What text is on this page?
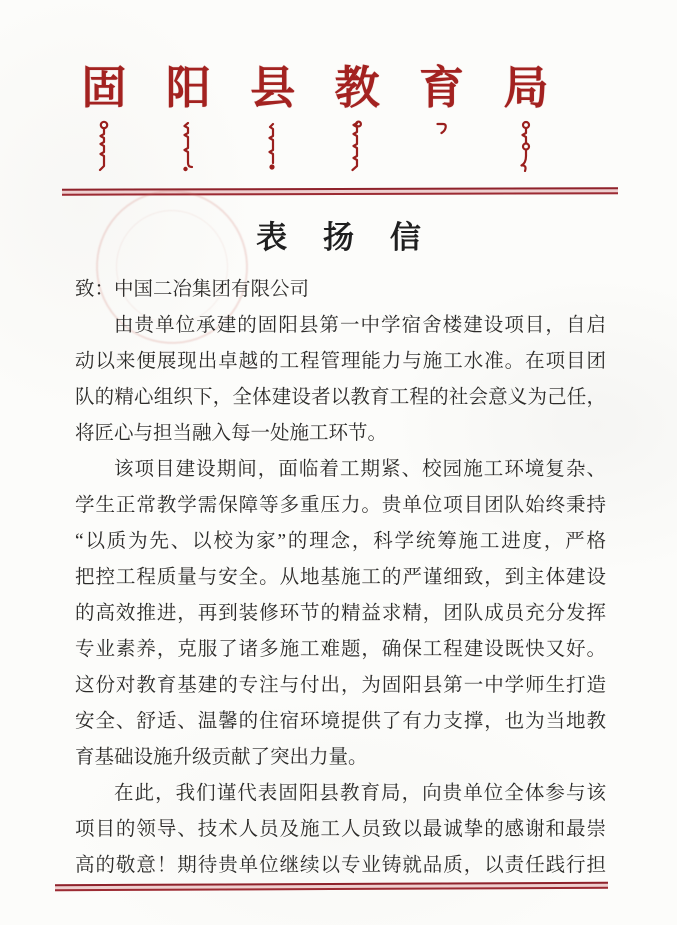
固 阳 县 教 育 局
表 扬 信
致：中国二冶集团有限公司
由贵单位承建的固阳县第一中学宿舍楼建设项目，自启
动以来便展现出卓越的工程管理能力与施工水准。在项目团
队的精心组织下，全体建设者以教育工程的社会意义为己任，
将匠心与担当融入每一处施工环节。
该项目建设期间，面临着工期紧、校园施工环境复杂、
学生正常教学需保障等多重压力。贵单位项目团队始终秉持
“以质为先、以校为家”的理念，科学统筹施工进度，严格
把控工程质量与安全。从地基施工的严谨细致，到主体建设
的高效推进，再到装修环节的精益求精，团队成员充分发挥
专业素养，克服了诸多施工难题，确保工程建设既快又好。
这份对教育基建的专注与付出，为固阳县第一中学师生打造
安全、舒适、温馨的住宿环境提供了有力支撑，也为当地教
育基础设施升级贡献了突出力量。
在此，我们谨代表固阳县教育局，向贵单位全体参与该
项目的领导、技术人员及施工人员致以最诚挚的感谢和最崇
高的敬意！期待贵单位继续以专业铸就品质，以责任践行担
